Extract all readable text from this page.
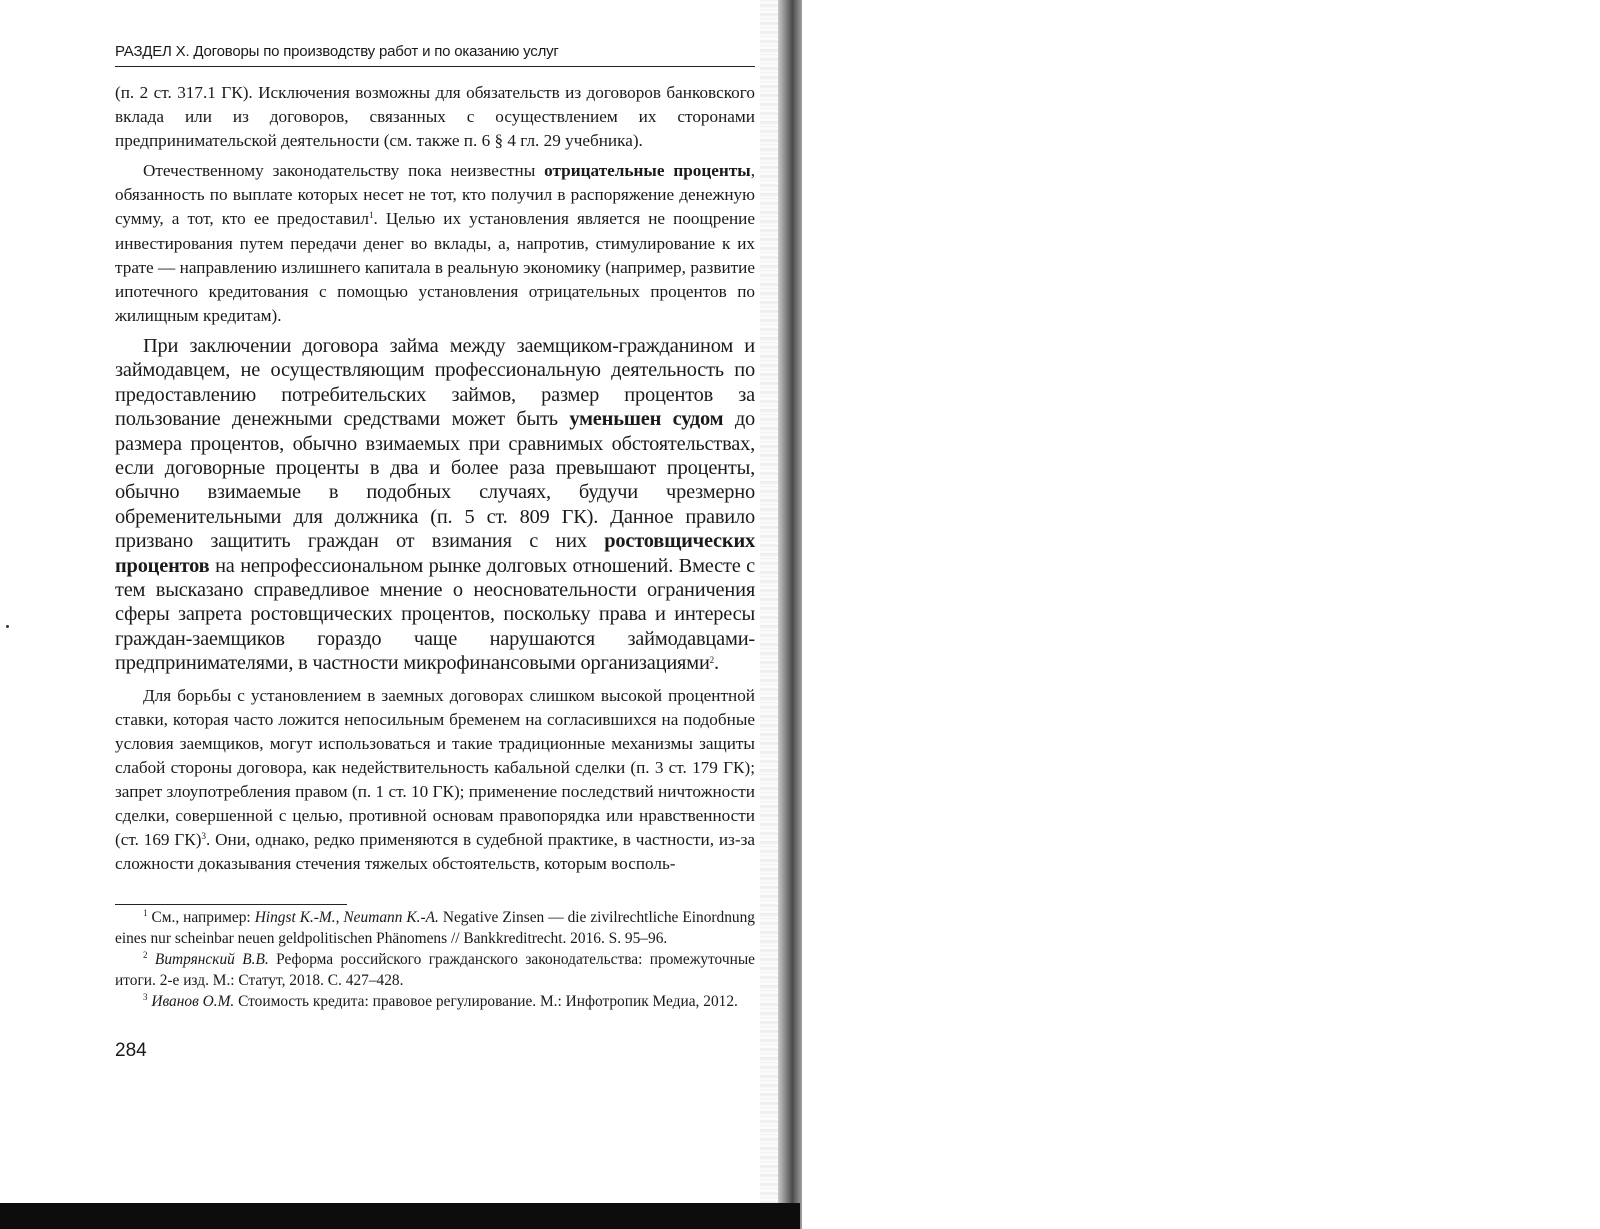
РАЗДЕЛ X. Договоры по производству работ и по оказанию услуг

(п. 2 ст. 317.1 ГК). Исключения возможны для обязательств из договоров банковского вклада или из договоров, связанных с осуществлением их сторонами предпринимательской деятельности (см. также п. 6 § 4 гл. 29 учебника).

Отечественному законодательству пока неизвестны отрицательные проценты, обязанность по выплате которых несет не тот, кто получил в распоряжение денежную сумму, а тот, кто ее предоставил$^1$. Целью их установления является не поощрение инвестирования путем передачи денег во вклады, а, напротив, стимулирование к их трате — направлению излишнего капитала в реальную экономику (например, развитие ипотечного кредитования с помощью установления отрицательных процентов по жилищным кредитам).

При заключении договора займа между заемщиком-гражданином и займодавцем, не осуществляющим профессиональную деятельность по предоставлению потребительских займов, размер процентов за пользование денежными средствами может быть уменьшен судом до размера процентов, обычно взимаемых при сравнимых обстоятельствах, если договорные проценты в два и более раза превышают проценты, обычно взимаемые в подобных случаях, будучи чрезмерно обременительными для должника (п. 5 ст. 809 ГК). Данное правило призвано защитить граждан от взимания с них ростовщических процентов на непрофессиональном рынке долговых отношений. Вместе с тем высказано справедливое мнение о неосновательности ограничения сферы запрета ростовщических процентов, поскольку права и интересы граждан-заемщиков гораздо чаще нарушаются займодавцами-предпринимателями, в частности микрофинансовыми организациями$^2$.

Для борьбы с установлением в заемных договорах слишком высокой процентной ставки, которая часто ложится непосильным бременем на согласившихся на подобные условия заемщиков, могут использоваться и такие традиционные механизмы защиты слабой стороны договора, как недействительность кабальной сделки (п. 3 ст. 179 ГК); запрет злоупотребления правом (п. 1 ст. 10 ГК); применение последствий ничтожности сделки, совершенной с целью, противной основам правопорядка или нравственности (ст. 169 ГК)$^3$. Они, однако, редко применяются в судебной практике, в частности, из-за сложности доказывания стечения тяжелых обстоятельств, которым восполь-

$^1$ См., например: Hingst K.-M., Neumann K.-A. Negative Zinsen — die zivilrechtliche Einordnung eines nur scheinbar neuen geldpolitischen Phänomens // Bankkreditrecht. 2016. S. 95–96.

$^2$ Витрянский В.В. Реформа российского гражданского законодательства: промежуточные итоги. 2-е изд. М.: Статут, 2018. С. 427–428.

$^3$ Иванов О.М. Стоимость кредита: правовое регулирование. М.: Инфотропик Медиа, 2012.

284
